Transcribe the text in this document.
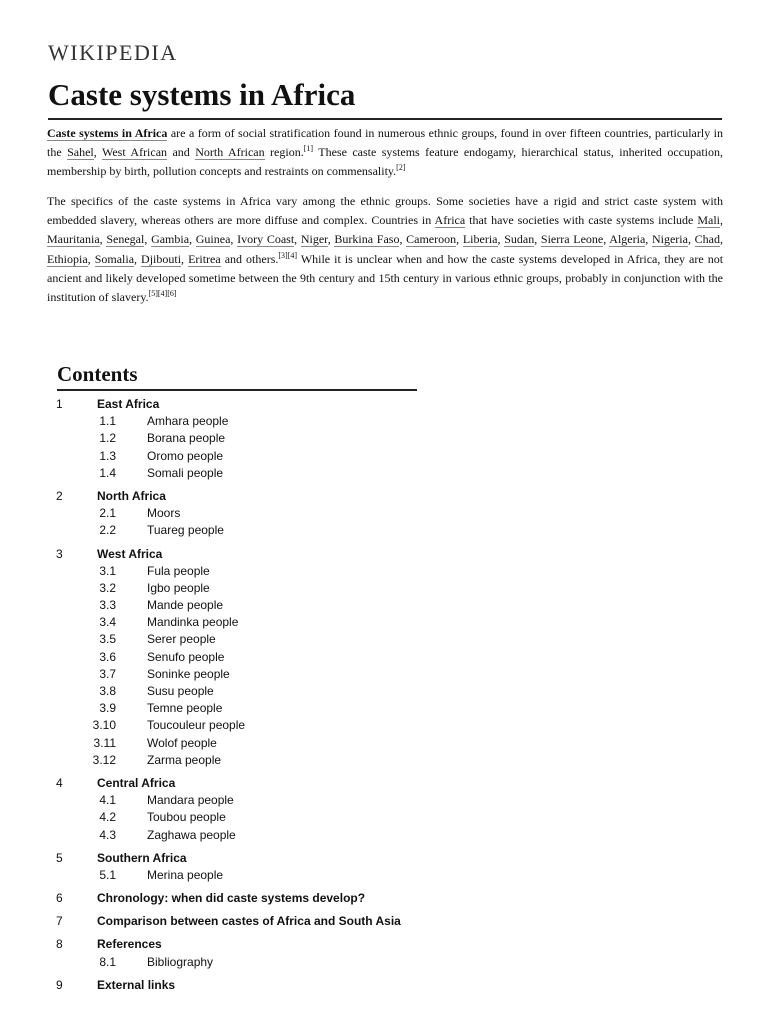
WIKIPEDIA
Caste systems in Africa

Caste systems in Africa are a form of social stratification found in numerous ethnic groups, found in over fifteen countries, particularly in the Sahel, West African and North African region.[1] These caste systems feature endogamy, hierarchical status, inherited occupation, membership by birth, pollution concepts and restraints on commensality.[2]

The specifics of the caste systems in Africa vary among the ethnic groups. Some societies have a rigid and strict caste system with embedded slavery, whereas others are more diffuse and complex. Countries in Africa that have societies with caste systems include Mali, Mauritania, Senegal, Gambia, Guinea, Ivory Coast, Niger, Burkina Faso, Cameroon, Liberia, Sudan, Sierra Leone, Algeria, Nigeria, Chad, Ethiopia, Somalia, Djibouti, Eritrea and others.[3][4] While it is unclear when and how the caste systems developed in Africa, they are not ancient and likely developed sometime between the 9th century and 15th century in various ethnic groups, probably in conjunction with the institution of slavery.[5][4][6]

Contents
1	East Africa
1.1	Amhara people
1.2	Borana people
1.3	Oromo people
1.4	Somali people
2	North Africa
2.1	Moors
2.2	Tuareg people
3	West Africa
3.1	Fula people
3.2	Igbo people
3.3	Mande people
3.4	Mandinka people
3.5	Serer people
3.6	Senufo people
3.7	Soninke people
3.8	Susu people
3.9	Temne people
3.10	Toucouleur people
3.11	Wolof people
3.12	Zarma people
4	Central Africa
4.1	Mandara people
4.2	Toubou people
4.3	Zaghawa people
5	Southern Africa
5.1	Merina people
6	Chronology: when did caste systems develop?
7	Comparison between castes of Africa and South Asia
8	References
8.1	Bibliography
9	External links
